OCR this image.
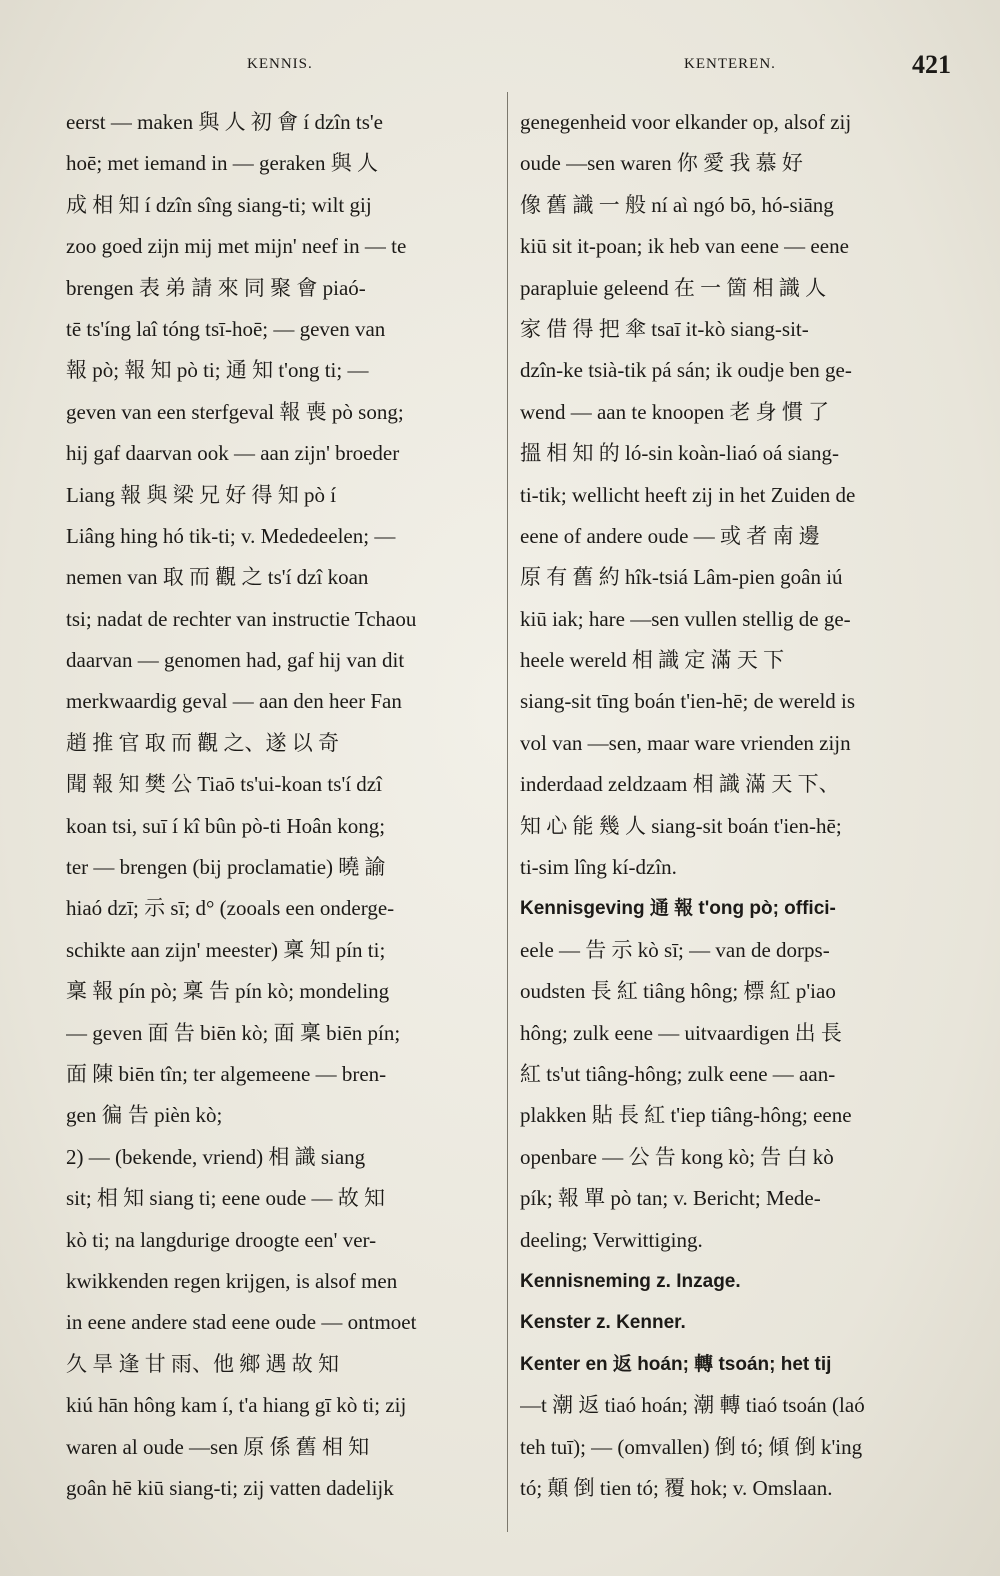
KENNIS.	KENTEREN.	421
eerst — maken 與 人 初 會 í dzîn ts'e
hoē; met iemand in — geraken 與 人
成 相 知 í dzîn sîng siang-ti; wilt gij
zoo goed zijn mij met mijn' neef in — te
brengen 表 弟 請 來 同 聚 會 piaó-
tē ts'íng laî tóng tsī-hoē; — geven van
報 pò; 報 知 pò ti; 通 知 t'ong ti; —
geven van een sterfgeval 報 喪 pò song;
hij gaf daarvan ook — aan zijn' broeder
Liang 報 與 梁 兄 好 得 知 pò í
Liâng hing hó tik-ti; v. Mededeelen; —
nemen van 取 而 觀 之 ts'í dzî koan
tsi; nadat de rechter van instructie Tchaou
daarvan — genomen had, gaf hij van dit
merkwaardig geval — aan den heer Fan
趙 推 官 取 而 觀 之、遂 以 奇
聞 報 知 樊 公 Tiaō ts'ui-koan ts'í dzî
koan tsi, suī í kî bûn pò-ti Hoân kong;
ter — brengen (bij proclamatie) 曉 諭
hiaó dzī; 示 sī; d° (zooals een onderge-
schikte aan zijn' meester) 稟 知 pín ti;
稟 報 pín pò; 稟 告 pín kò; mondeling
— geven 面 告 biēn kò; 面 稟 biēn pín;
面 陳 biēn tîn; ter algemeene — bren-
gen 徧 告 pièn kò;
2) — (bekende, vriend) 相 識 siang
sit; 相 知 siang ti; eene oude — 故 知
kò ti; na langdurige droogte een' ver-
kwikkenden regen krijgen, is alsof men
in eene andere stad eene oude — ontmoet
久 旱 逢 甘 雨、他 鄉 遇 故 知
kiú hān hông kam í, t'a hiang gī kò ti; zij
waren al oude —sen 原 係 舊 相 知
goân hē kiū siang-ti; zij vatten dadelijk
genegenheid voor elkander op, alsof zij
oude —sen waren 你 愛 我 慕 好
像 舊 識 一 般 ní aì ngó bō, hó-siāng
kiū sit it-poan; ik heb van eene — eene
parapluie geleend 在 一 箇 相 識 人
家 借 得 把 傘 tsaī it-kò siang-sit-
dzîn-ke tsià-tik pá sán; ik oudje ben ge-
wend — aan te knoopen 老 身 慣 了
搵 相 知 的 ló-sin koàn-liaó oá siang-
ti-tik; wellicht heeft zij in het Zuiden de
eene of andere oude — 或 者 南 邊
原 有 舊 約 hîk-tsiá Lâm-pien goân iú
kiū iak; hare —sen vullen stellig de ge-
heele wereld 相 識 定 滿 天 下
siang-sit tīng boán t'ien-hē; de wereld is
vol van —sen, maar ware vrienden zijn
inderdaad zeldzaam 相 識 滿 天 下、
知 心 能 幾 人 siang-sit boán t'ien-hē;
ti-sim lîng kí-dzîn.
Kennisgeving 通 報 t'ong pò; offici-
eele — 告 示 kò sī; — van de dorps-
oudsten 長 紅 tiâng hông; 標 紅 p'iao
hông; zulk eene — uitvaardigen 出 長
紅 ts'ut tiâng-hông; zulk eene — aan-
plakken 貼 長 紅 t'iep tiâng-hông; eene
openbare — 公 告 kong kò; 告 白 kò
pík; 報 單 pò tan; v. Bericht; Mede-
deeling; Verwittiging.
Kennisneming z. Inzage.
Kenster z. Kenner.
Kenter en 返 hoán; 轉 tsoán; het tij
—t 潮 返 tiaó hoán; 潮 轉 tiaó tsoán (laó
teh tuī); — (omvallen) 倒 tó; 傾 倒 k'ing
tó; 顛 倒 tien tó; 覆 hok; v. Omslaan.
